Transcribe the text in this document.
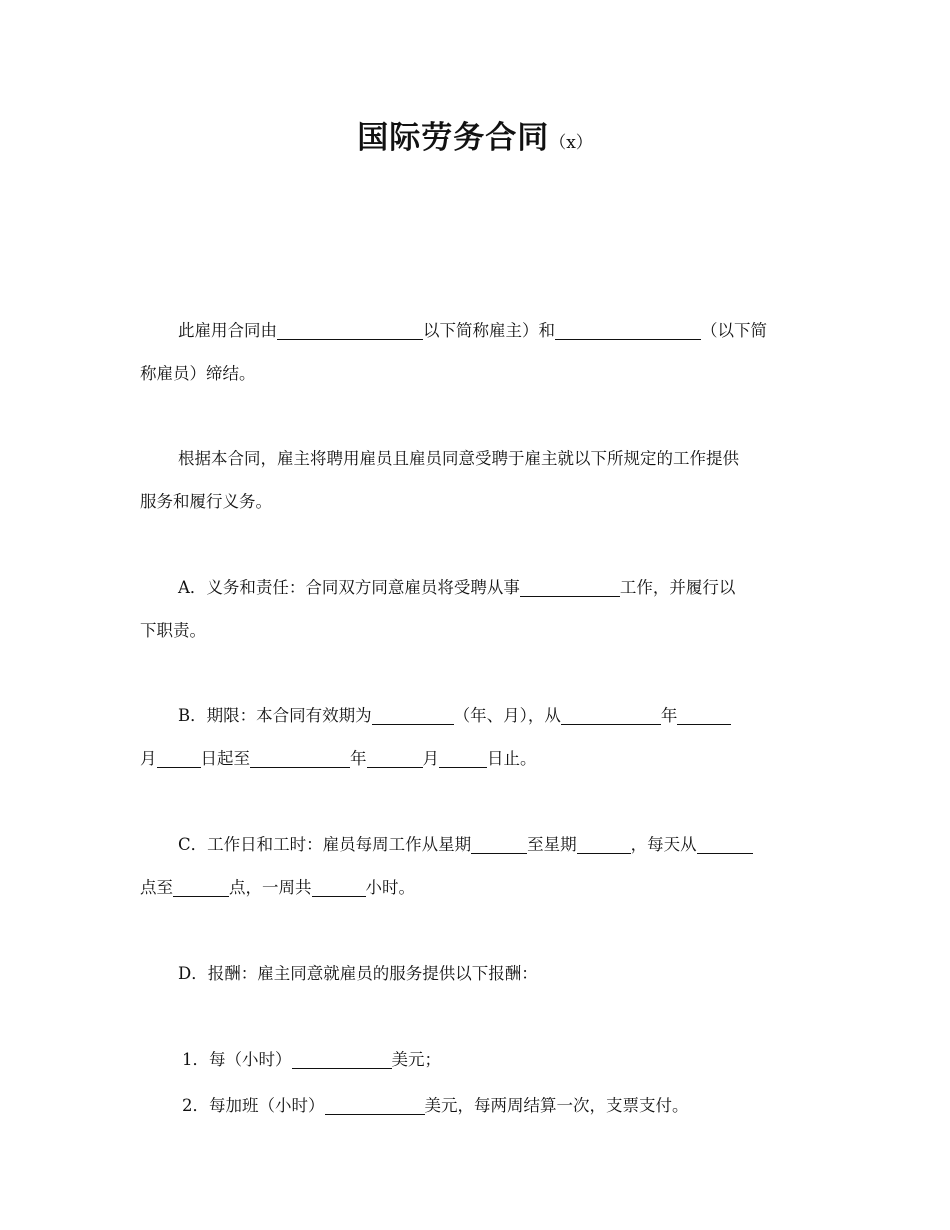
国际劳务合同（x）
此雇用合同由	以下简称雇主）和	（以下简
称雇员）缔结。
根据本合同，雇主将聘用雇员且雇员同意受聘于雇主就以下所规定的工作提供
服务和履行义务。
A．义务和责任：合同双方同意雇员将受聘从事	工作，并履行以
下职责。
B．期限：本合同有效期为	（年、月），从	年
月	日起至	年	月	日止。
C．工作日和工时：雇员每周工作从星期	至星期	，每天从
点至	点，一周共	小时。
D．报酬：雇主同意就雇员的服务提供以下报酬：
1．每（小时）	美元；
2．每加班（小时）	美元，每两周结算一次，支票支付。
